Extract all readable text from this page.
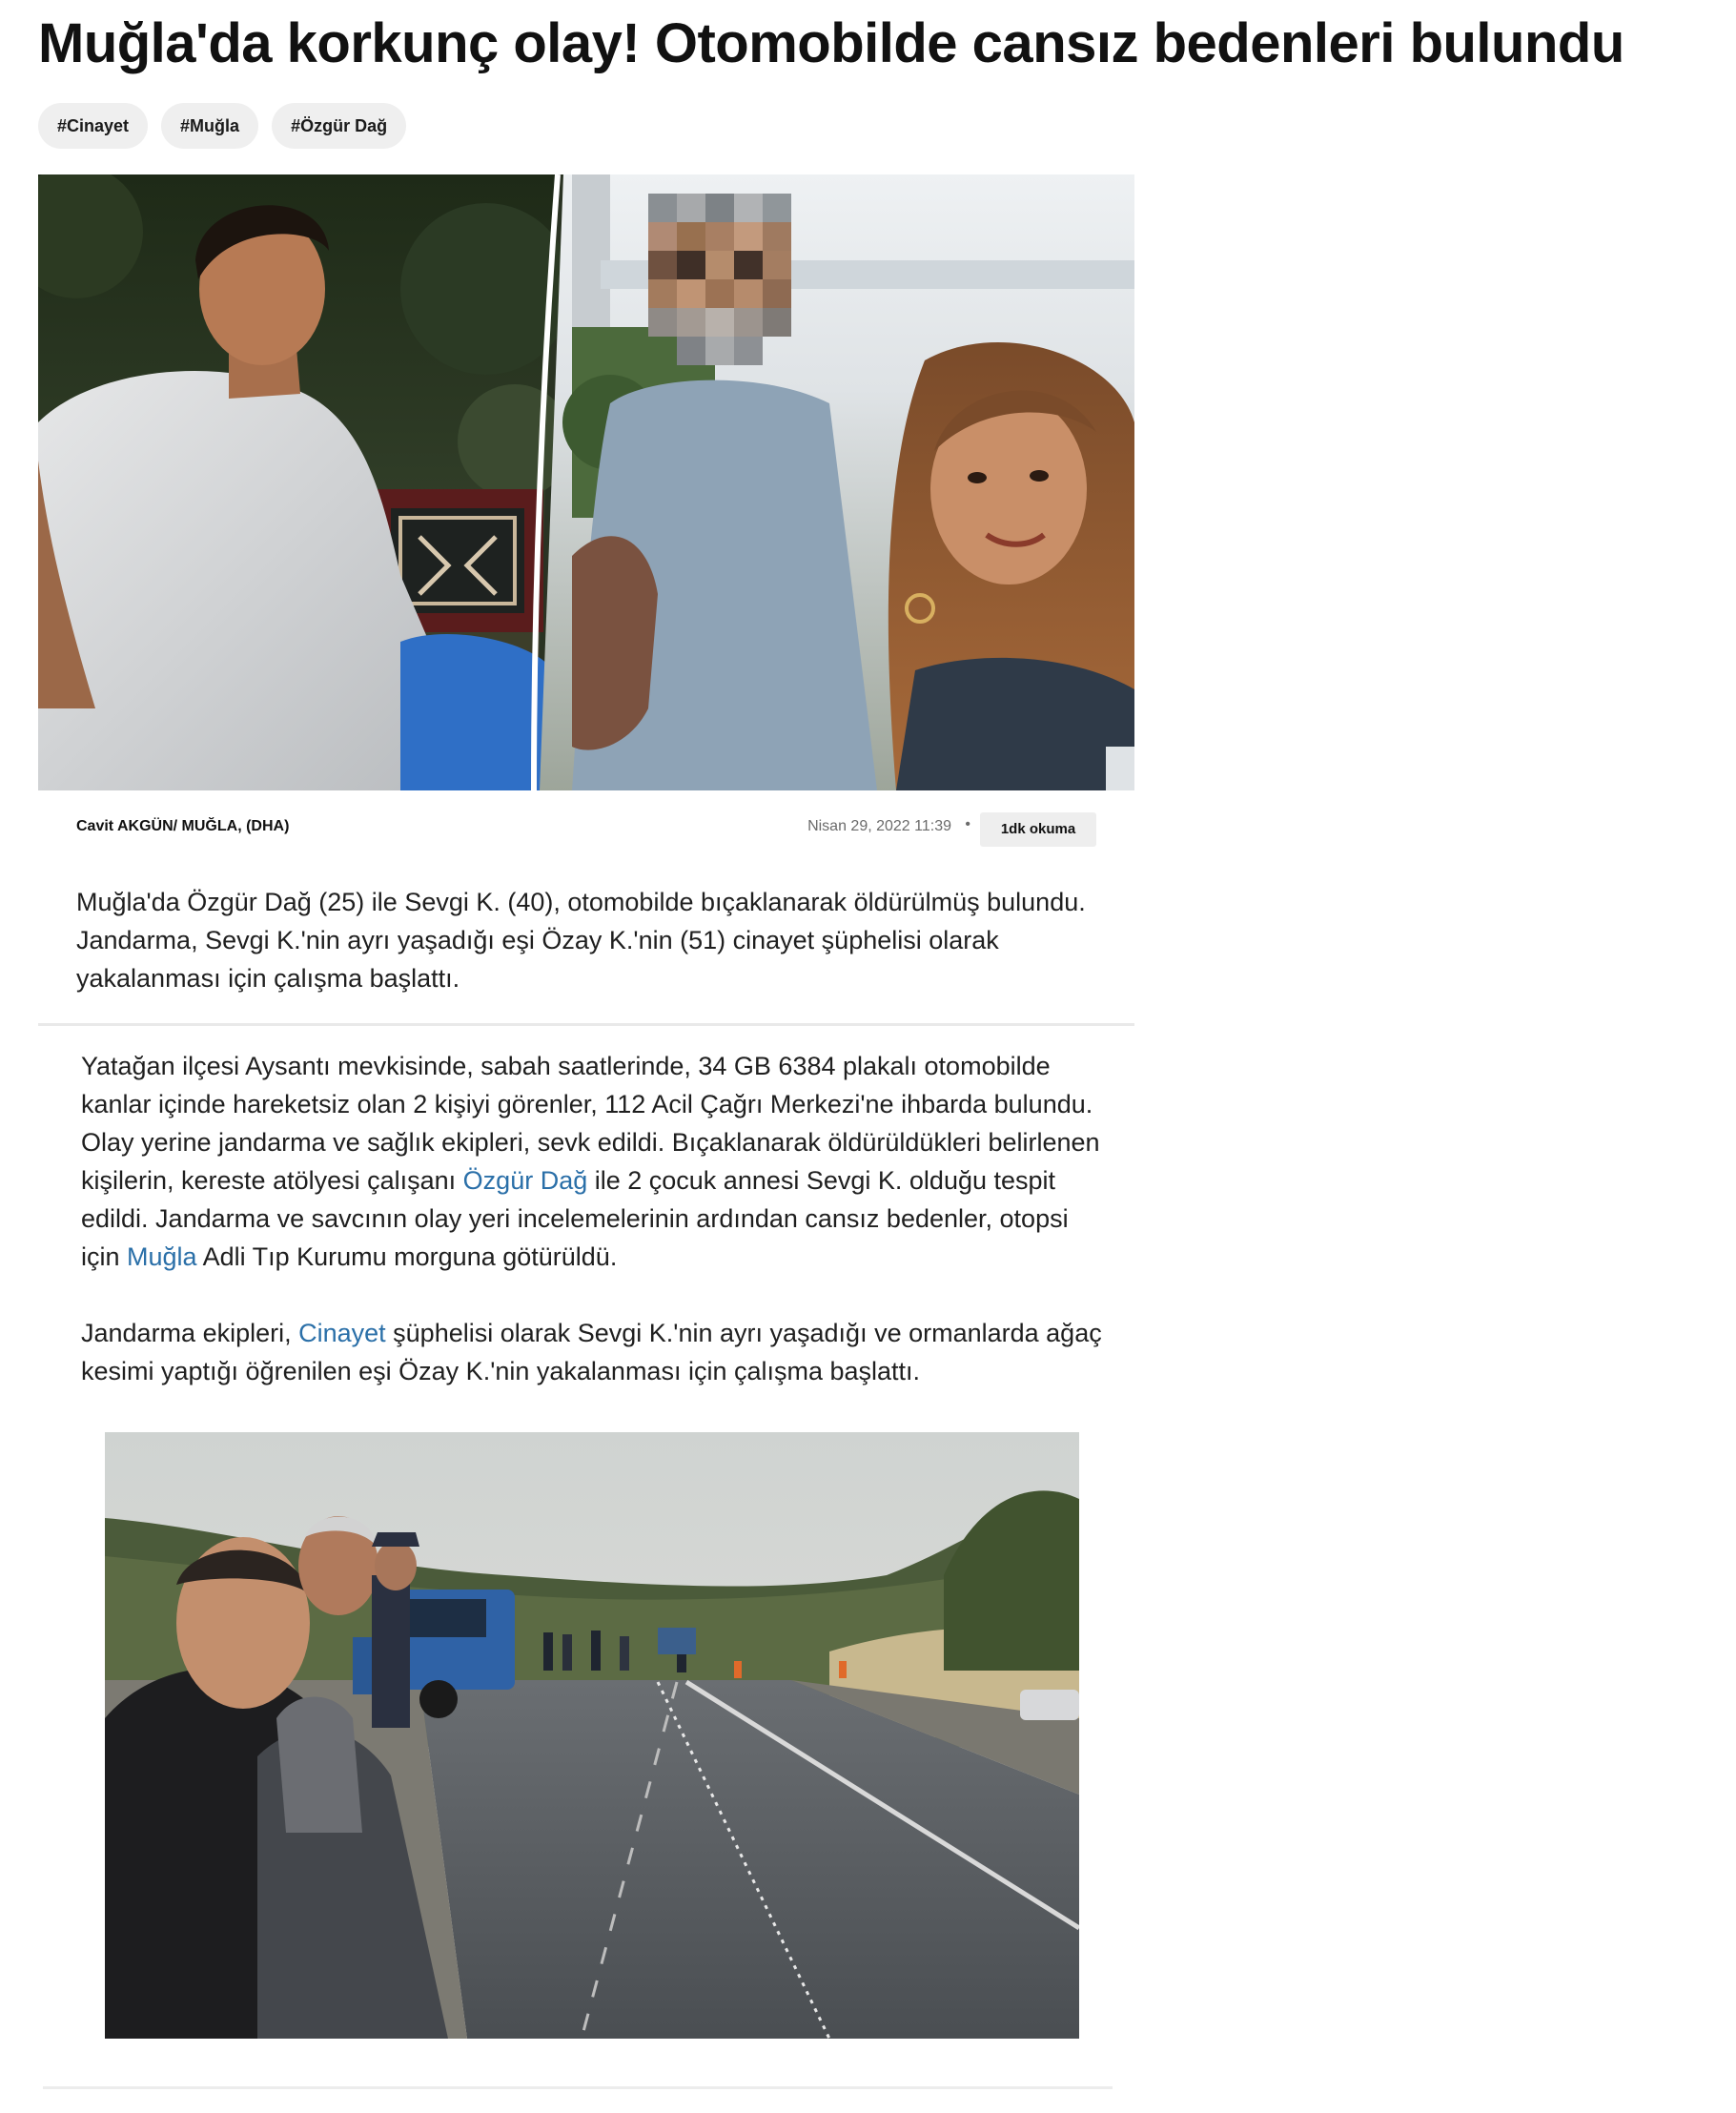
Muğla'da korkunç olay! Otomobilde cansız bedenleri bulundu
#Cinayet	#Muğla	#Özgür Dağ
Cavit AKGÜN/ MUĞLA, (DHA)	Nisan 29, 2022 11:39 •	1dk okuma

Muğla'da Özgür Dağ (25) ile Sevgi K. (40), otomobilde bıçaklanarak öldürülmüş bulundu. Jandarma, Sevgi K.'nin ayrı yaşadığı eşi Özay K.'nin (51) cinayet şüphelisi olarak yakalanması için çalışma başlattı.

Yatağan ilçesi Aysantı mevkisinde, sabah saatlerinde, 34 GB 6384 plakalı otomobilde kanlar içinde hareketsiz olan 2 kişiyi görenler, 112 Acil Çağrı Merkezi'ne ihbarda bulundu. Olay yerine jandarma ve sağlık ekipleri, sevk edildi. Bıçaklanarak öldürüldükleri belirlenen kişilerin, kereste atölyesi çalışanı Özgür Dağ ile 2 çocuk annesi Sevgi K. olduğu tespit edildi. Jandarma ve savcının olay yeri incelemelerinin ardından cansız bedenler, otopsi için Muğla Adli Tıp Kurumu morguna götürüldü.

Jandarma ekipleri, Cinayet şüphelisi olarak Sevgi K.'nin ayrı yaşadığı ve ormanlarda ağaç kesimi yaptığı öğrenilen eşi Özay K.'nin yakalanması için çalışma başlattı.
